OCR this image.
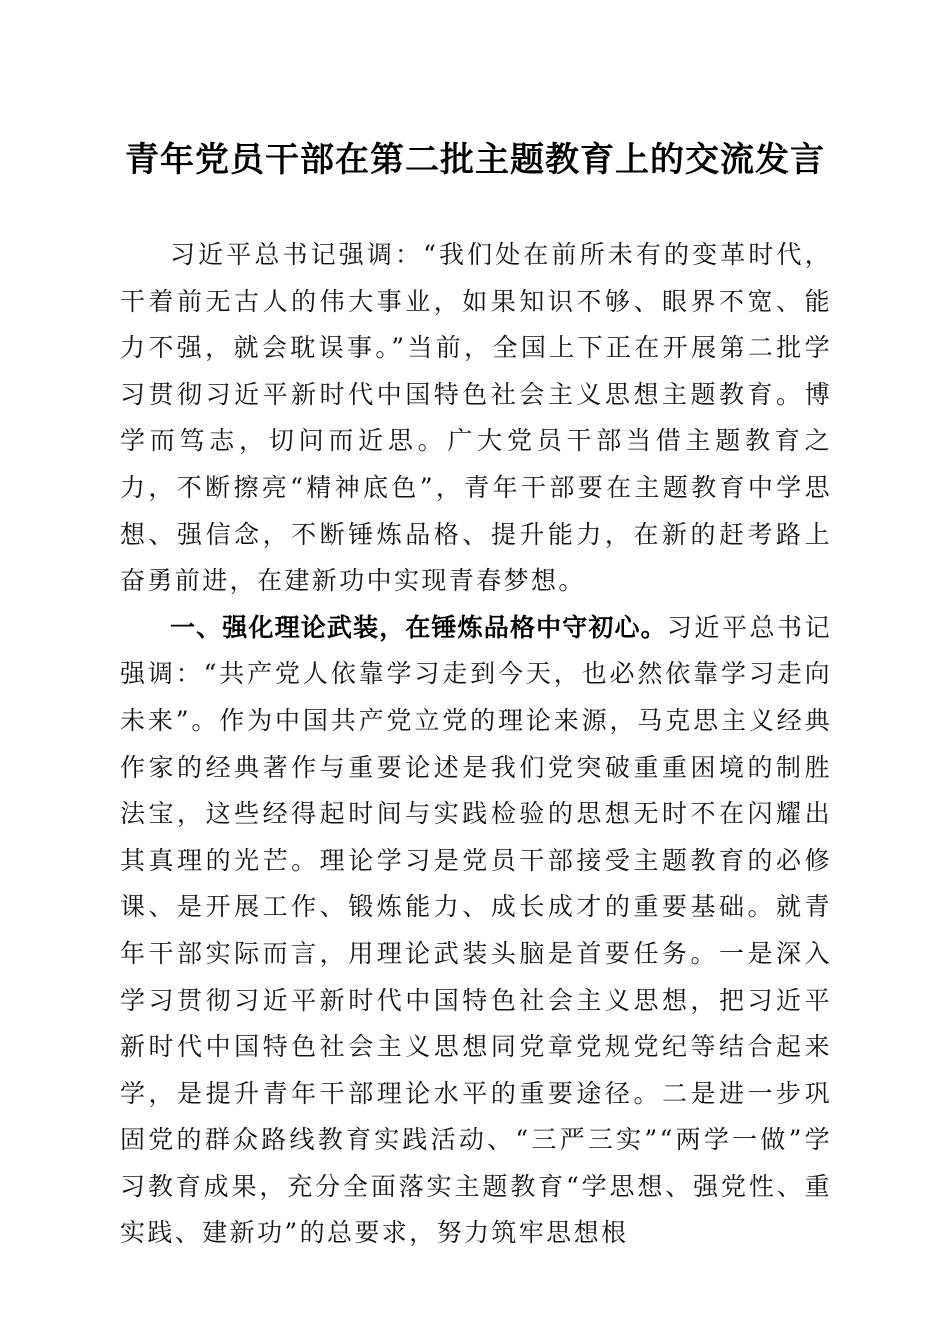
青年党员干部在第二批主题教育上的交流发言

习近平总书记强调：“我们处在前所未有的变革时代，干着前无古人的伟大事业，如果知识不够、眼界不宽、能力不强，就会耽误事。”当前，全国上下正在开展第二批学习贯彻习近平新时代中国特色社会主义思想主题教育。博学而笃志，切问而近思。广大党员干部当借主题教育之力，不断擦亮“精神底色”，青年干部要在主题教育中学思想、强信念，不断锤炼品格、提升能力，在新的赶考路上奋勇前进，在建新功中实现青春梦想。

一、强化理论武装，在锤炼品格中守初心。习近平总书记强调：“共产党人依靠学习走到今天，也必然依靠学习走向未来”。作为中国共产党立党的理论来源，马克思主义经典作家的经典著作与重要论述是我们党突破重重困境的制胜法宝，这些经得起时间与实践检验的思想无时不在闪耀出其真理的光芒。理论学习是党员干部接受主题教育的必修课、是开展工作、锻炼能力、成长成才的重要基础。就青年干部实际而言，用理论武装头脑是首要任务。一是深入学习贯彻习近平新时代中国特色社会主义思想，把习近平新时代中国特色社会主义思想同党章党规党纪等结合起来学，是提升青年干部理论水平的重要途径。二是进一步巩固党的群众路线教育实践活动、“三严三实”“两学一做”学习教育成果，充分全面落实主题教育“学思想、强党性、重实践、建新功”的总要求，努力筑牢思想根
